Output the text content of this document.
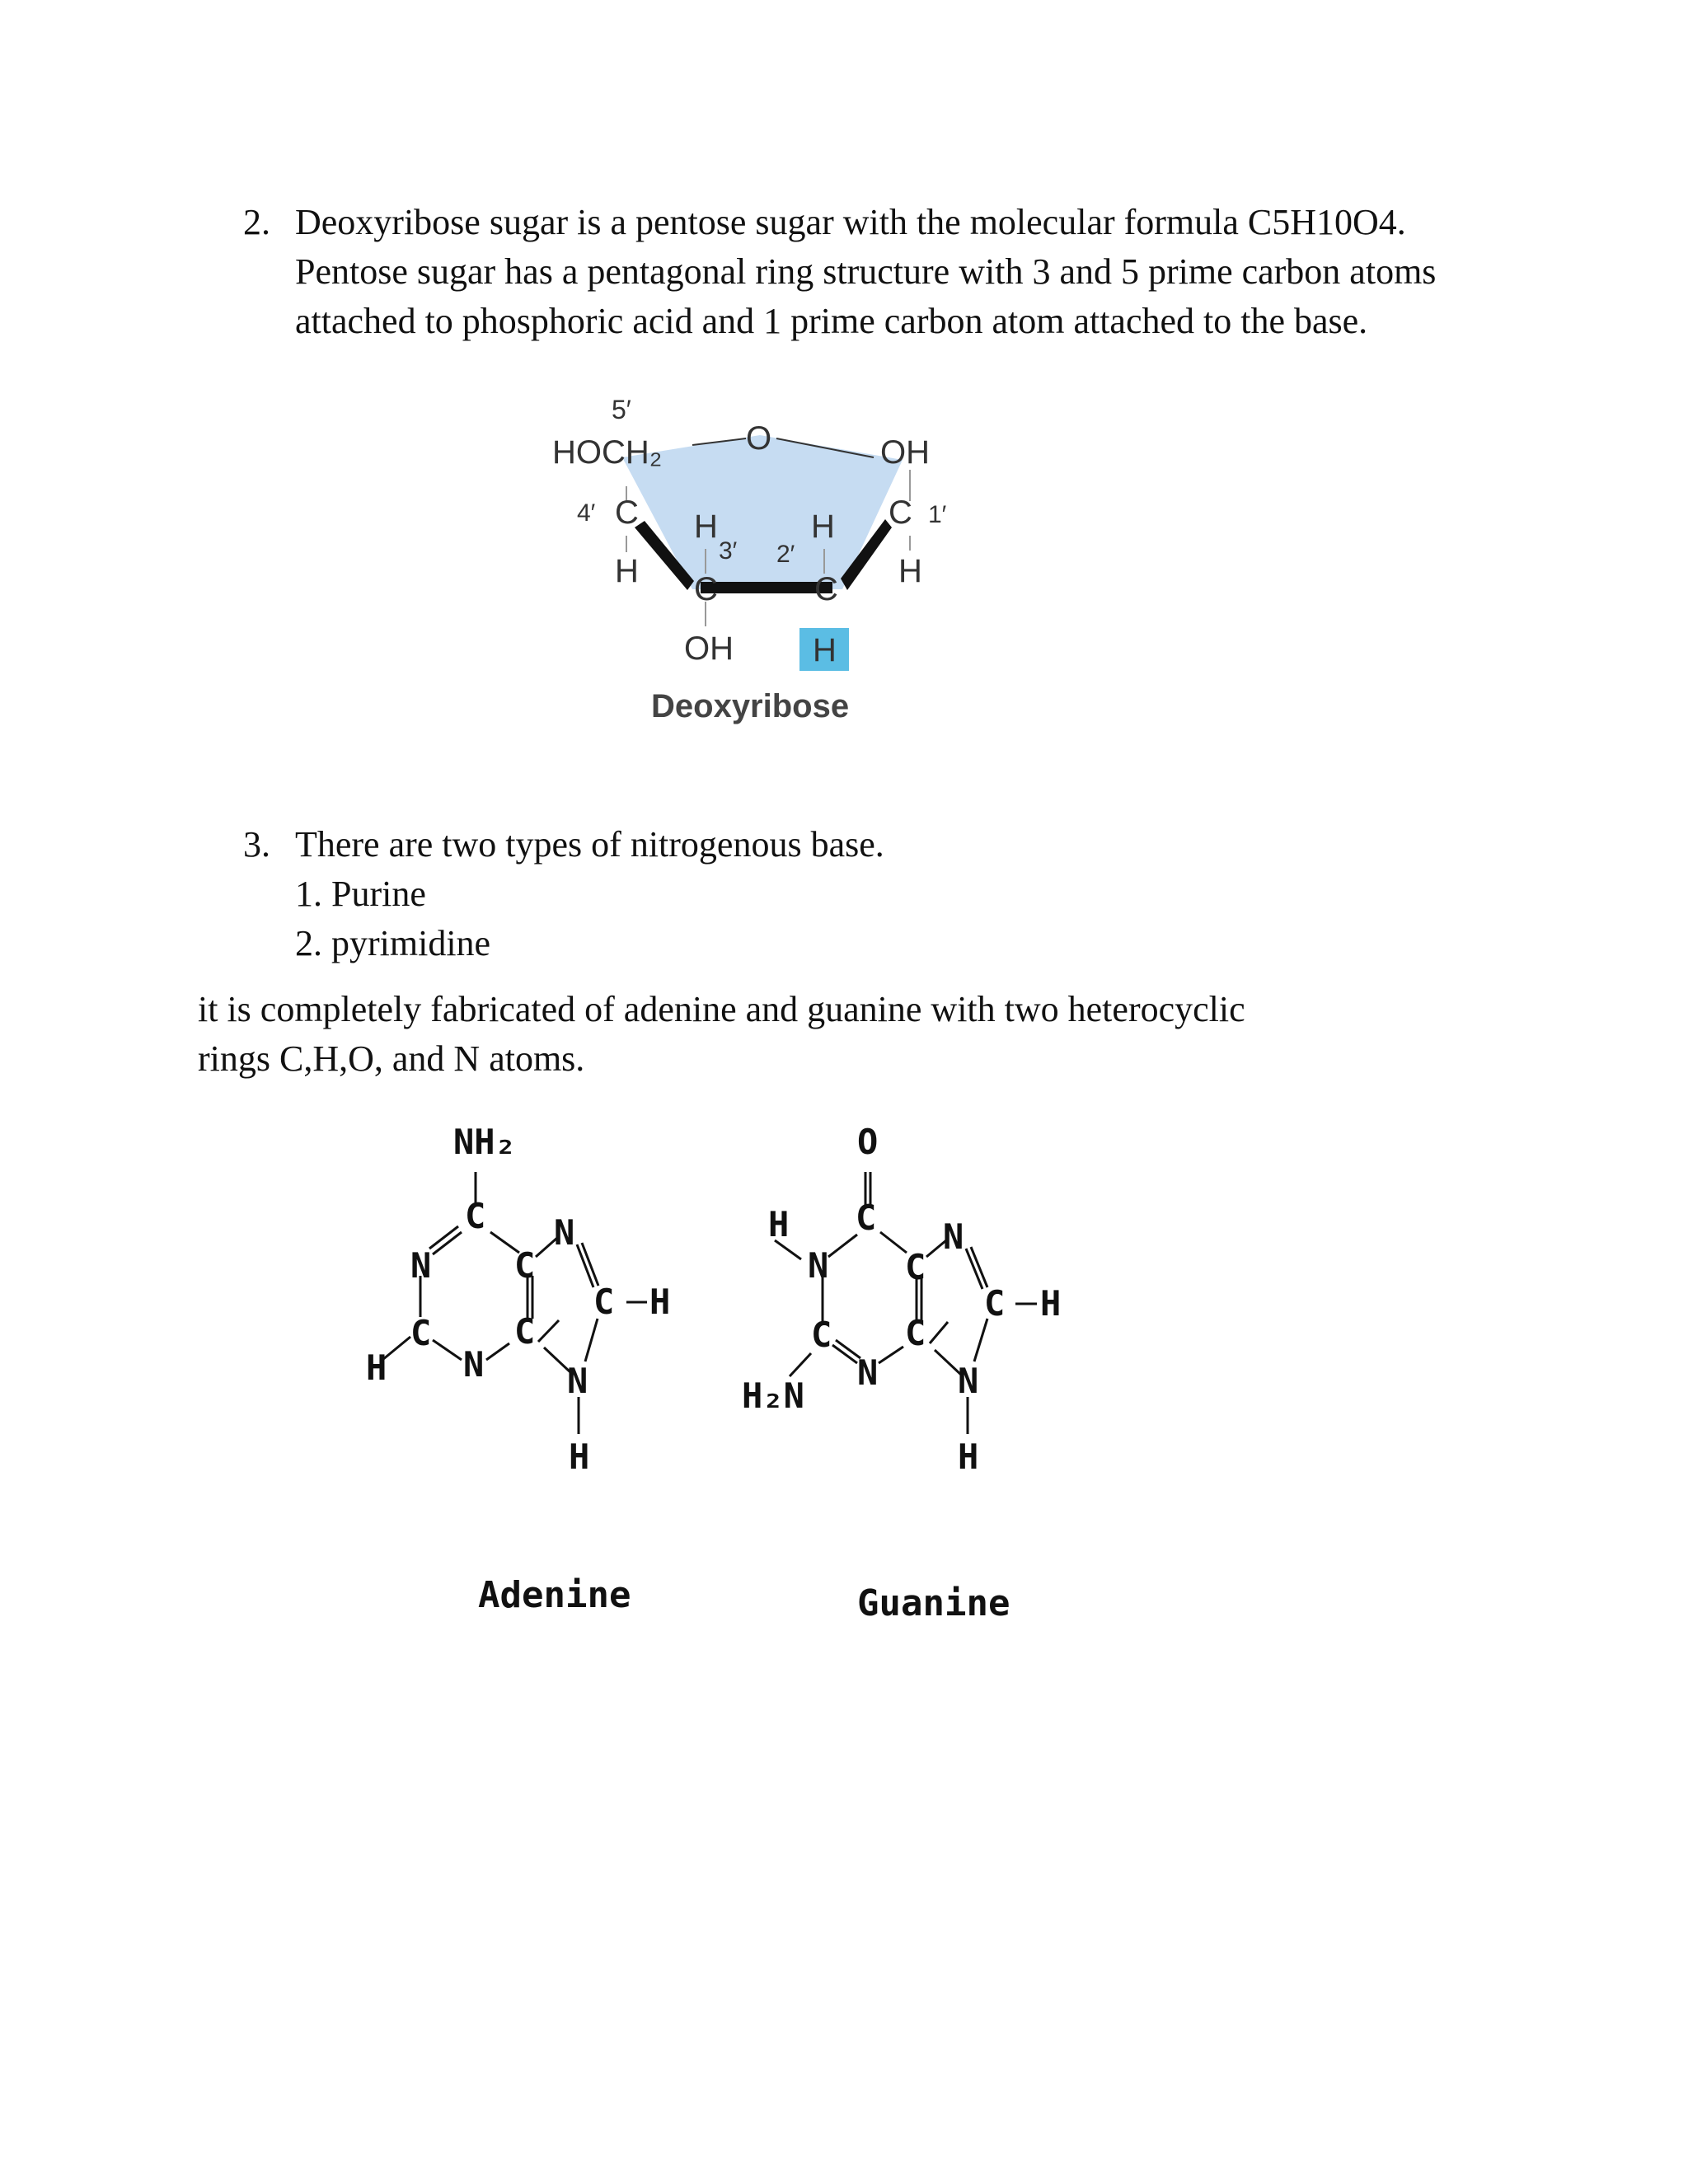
2. Deoxyribose sugar is a pentose sugar with the molecular formula C5H10O4.
Pentose sugar has a pentagonal ring structure with 3 and 5 prime carbon atoms
attached to phosphoric acid and 1 prime carbon atom attached to the base.
5′
HOCH₂	O	OH
4′ C H	H C 1′
3′ 2′
H	H
C	C
OH H
Deoxyribose
3. There are two types of nitrogenous base.
1. Purine
2. pyrimidine
it is completely fabricated of adenine and guanine with two heterocyclic
rings C,H,O, and N atoms.
NH₂
C
N C
N
C H
C C
H N N
H
Adenine
O
H C
N C
N
C H
C C
H₂N
N N
H
Guanine
